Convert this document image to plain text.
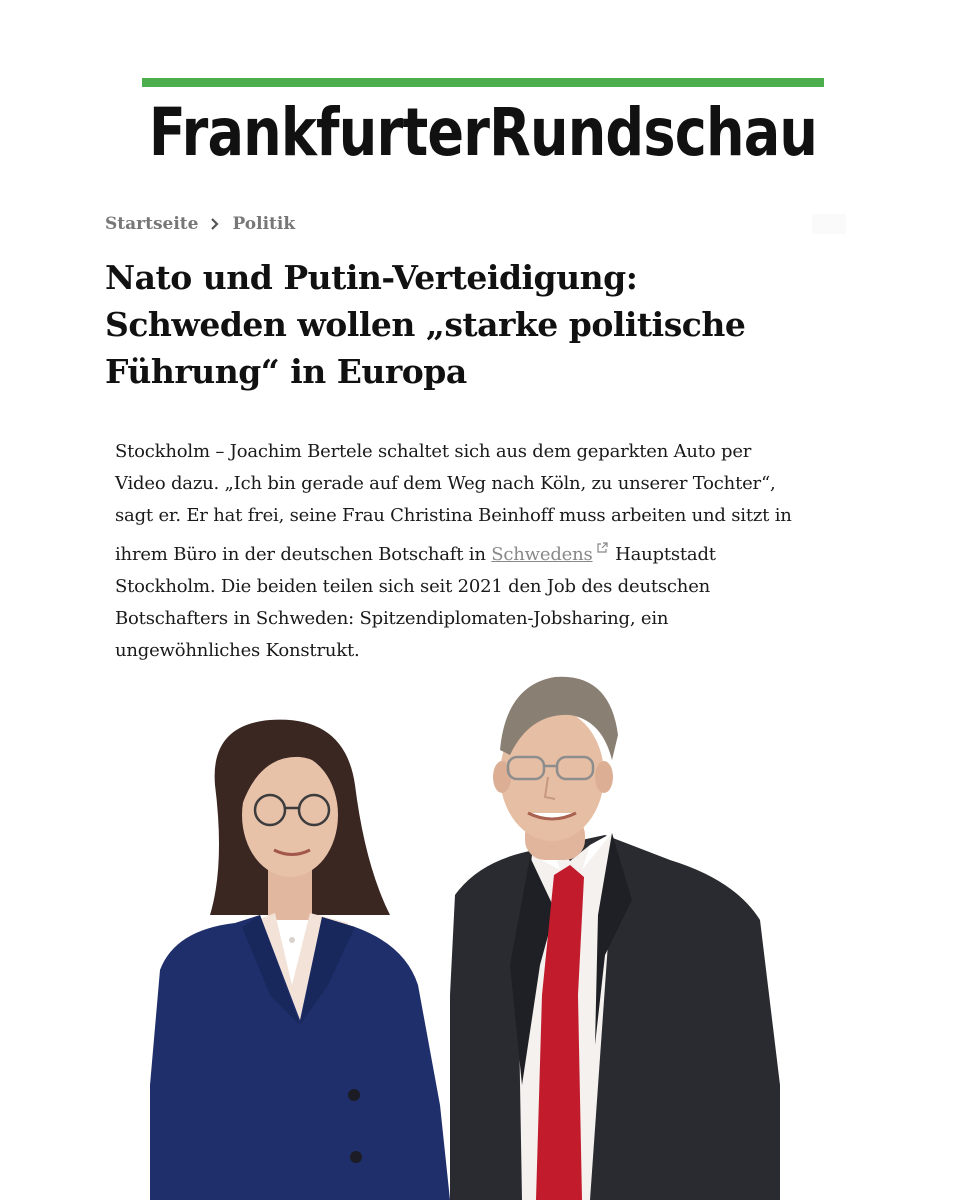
FrankfurterRundschau
Startseite Politik
Nato und Putin-Verteidigung:
Schweden wollen „starke politische
Führung“ in Europa

Stockholm – Joachim Bertele schaltet sich aus dem geparkten Auto per
Video dazu. „Ich bin gerade auf dem Weg nach Köln, zu unserer Tochter“,
sagt er. Er hat frei, seine Frau Christina Beinhoff muss arbeiten und sitzt in
ihrem Büro in der deutschen Botschaft in Schwedens Hauptstadt
Stockholm. Die beiden teilen sich seit 2021 den Job des deutschen
Botschafters in Schweden: Spitzendiplomaten-Jobsharing, ein
ungewöhnliches Konstrukt.
